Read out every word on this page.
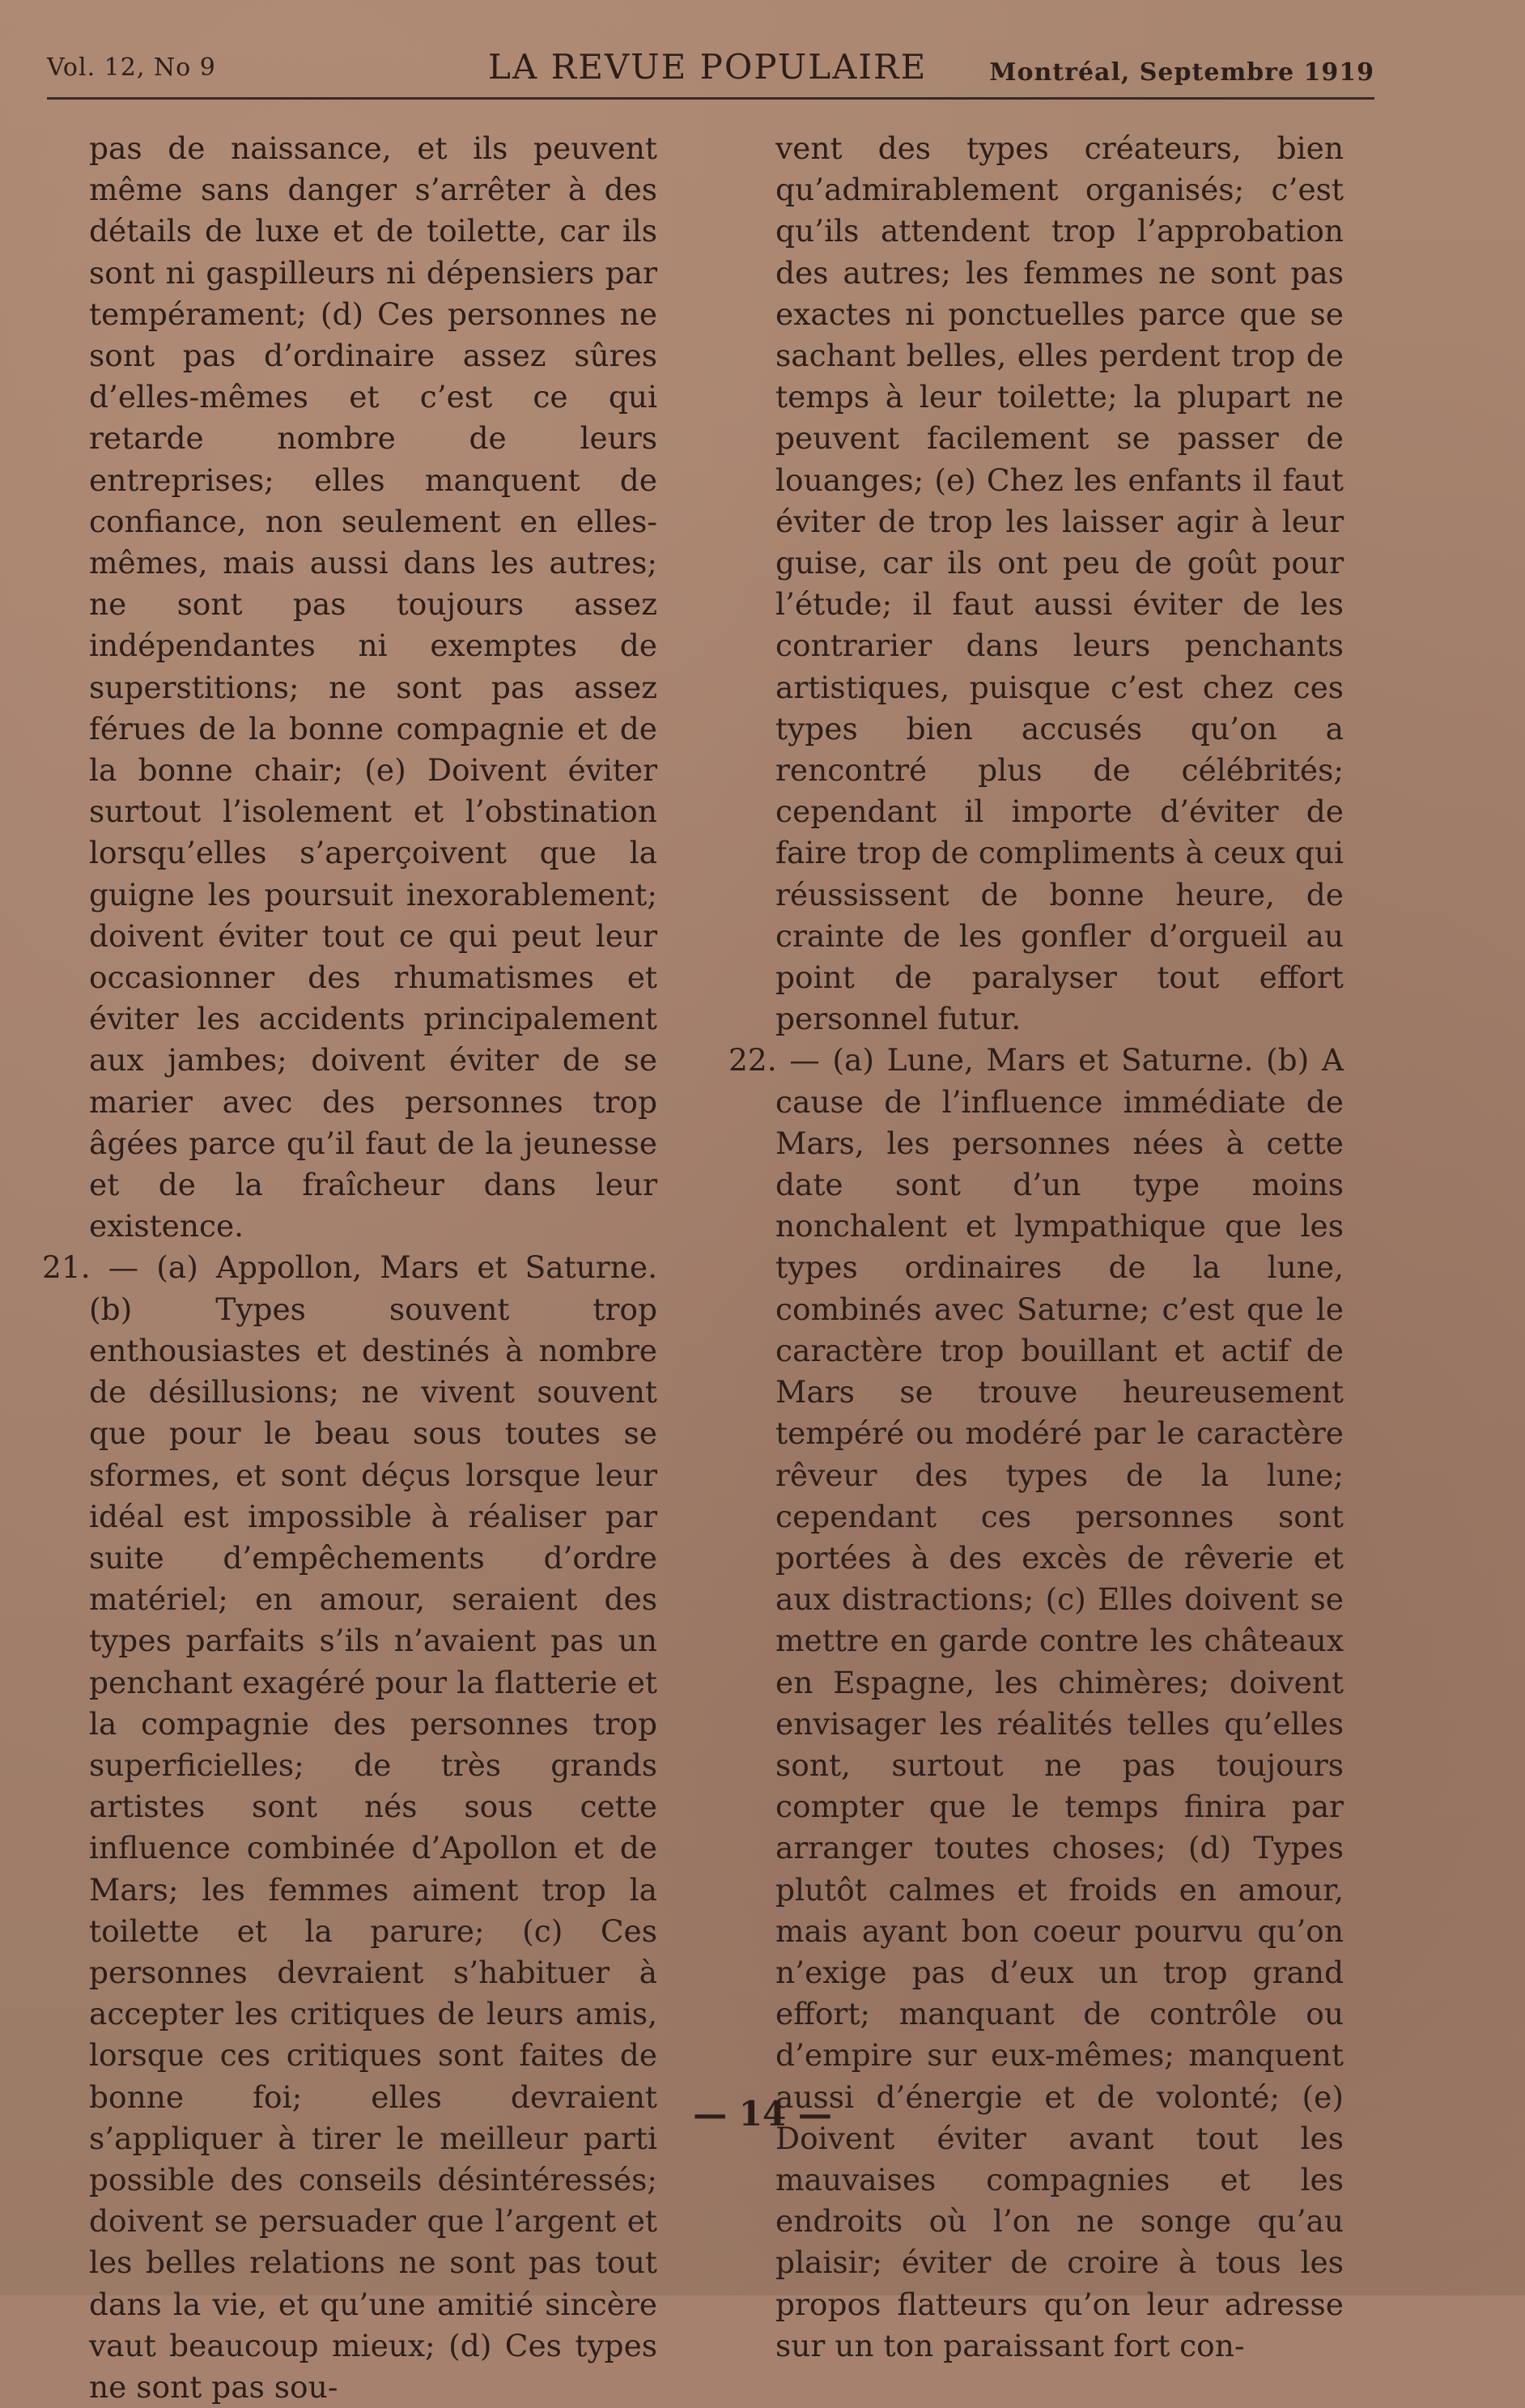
Vol. 12, No 9	LA REVUE POPULAIRE	Montréal, Septembre 1919

pas de naissance, et ils peuvent même sans danger s’arrêter à des détails de luxe et de toilette, car ils sont ni gaspilleurs ni dépensiers par tempérament; (d) Ces personnes ne sont pas d’ordinaire assez sûres d’elles-mêmes et c’est ce qui retarde nombre de leurs entreprises; elles manquent de confiance, non seulement en elles-mêmes, mais aussi dans les autres; ne sont pas toujours assez indépendantes ni exemptes de superstitions; ne sont pas assez férues de la bonne compagnie et de la bonne chair; (e) Doivent éviter surtout l’isolement et l’obstination lorsqu’elles s’aperçoivent que la guigne les poursuit inexorablement; doivent éviter tout ce qui peut leur occasionner des rhumatismes et éviter les accidents principalement aux jambes; doivent éviter de se marier avec des personnes trop âgées parce qu’il faut de la jeunesse et de la fraîcheur dans leur existence.

21. — (a) Appollon, Mars et Saturne. (b) Types souvent trop enthousiastes et destinés à nombre de désillusions; ne vivent souvent que pour le beau sous toutes se sformes, et sont déçus lorsque leur idéal est impossible à réaliser par suite d’empêchements d’ordre matériel; en amour, seraient des types parfaits s’ils n’avaient pas un penchant exagéré pour la flatterie et la compagnie des personnes trop superficielles; de très grands artistes sont nés sous cette influence combinée d’Apollon et de Mars; les femmes aiment trop la toilette et la parure; (c) Ces personnes devraient s’habituer à accepter les critiques de leurs amis, lorsque ces critiques sont faites de bonne foi; elles devraient s’appliquer à tirer le meilleur parti possible des conseils désintéressés; doivent se persuader que l’argent et les belles relations ne sont pas tout dans la vie, et qu’une amitié sincère vaut beaucoup mieux; (d) Ces types ne sont pas sou-

vent des types créateurs, bien qu’admirablement organisés; c’est qu’ils attendent trop l’approbation des autres; les femmes ne sont pas exactes ni ponctuelles parce que se sachant belles, elles perdent trop de temps à leur toilette; la plupart ne peuvent facilement se passer de louanges; (e) Chez les enfants il faut éviter de trop les laisser agir à leur guise, car ils ont peu de goût pour l’étude; il faut aussi éviter de les contrarier dans leurs penchants artistiques, puisque c’est chez ces types bien accusés qu’on a rencontré plus de célébrités; cependant il importe d’éviter de faire trop de compliments à ceux qui réussissent de bonne heure, de crainte de les gonfler d’orgueil au point de paralyser tout effort personnel futur.

22. — (a) Lune, Mars et Saturne. (b) A cause de l’influence immédiate de Mars, les personnes nées à cette date sont d’un type moins nonchalent et lympathique que les types ordinaires de la lune, combinés avec Saturne; c’est que le caractère trop bouillant et actif de Mars se trouve heureusement tempéré ou modéré par le caractère rêveur des types de la lune; cependant ces personnes sont portées à des excès de rêverie et aux distractions; (c) Elles doivent se mettre en garde contre les châteaux en Espagne, les chimères; doivent envisager les réalités telles qu’elles sont, surtout ne pas toujours compter que le temps finira par arranger toutes choses; (d) Types plutôt calmes et froids en amour, mais ayant bon coeur pourvu qu’on n’exige pas d’eux un trop grand effort; manquant de contrôle ou d’empire sur eux-mêmes; manquent aussi d’énergie et de volonté; (e) Doivent éviter avant tout les mauvaises compagnies et les endroits où l’on ne songe qu’au plaisir; éviter de croire à tous les propos flatteurs qu’on leur adresse sur un ton paraissant fort con-

— 14 —
